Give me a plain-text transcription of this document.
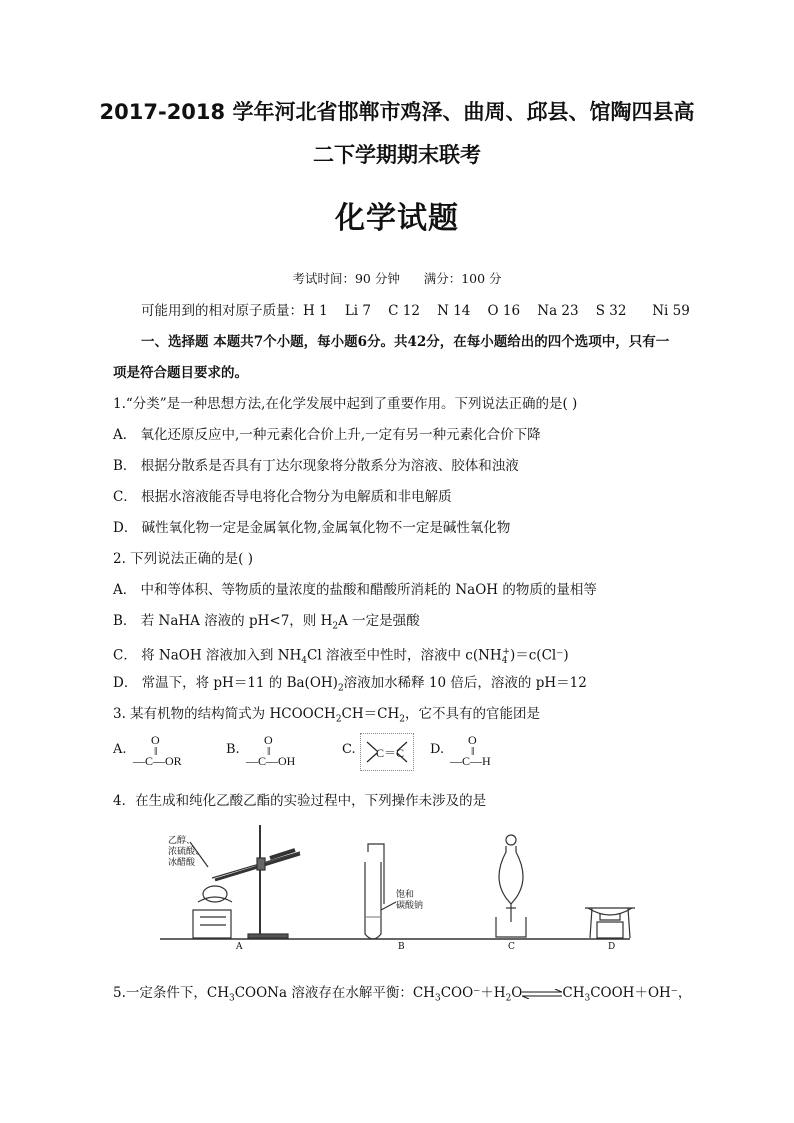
2017-2018 学年河北省邯郸市鸡泽、曲周、邱县、馆陶四县高
二下学期期末联考
化学试题
考试时间：90 分钟      满分：100 分
可能用到的相对原子质量：H 1    Li 7    C 12    N 14    O 16    Na 23    S 32      Ni 59
一、选择题 本题共7个小题，每小题6分。共42分，在每小题给出的四个选项中，只有一
项是符合题目要求的。
1.“分类”是一种思想方法,在化学发展中起到了重要作用。下列说法正确的是( )
A． 氧化还原反应中,一种元素化合价上升,一定有另一种元素化合价下降
B． 根据分散系是否具有丁达尔现象将分散系分为溶液、胶体和浊液
C． 根据水溶液能否导电将化合物分为电解质和非电解质
D． 碱性氧化物一定是金属氧化物,金属氧化物不一定是碱性氧化物
2. 下列说法正确的是( )
A． 中和等体积、等物质的量浓度的盐酸和醋酸所消耗的 NaOH 的物质的量相等
B． 若 NaHA 溶液的 pH<7，则 $H_2A$ 一定是强酸
C． 将 NaOH 溶液加入到 $NH_4Cl$ 溶液至中性时，溶液中 $c(NH_4^+)=c(Cl^-)$
D． 常温下，将 pH＝11 的 $Ba(OH)_2$溶液加水稀释 10 倍后，溶液的 pH＝12
3. 某有机物的结构简式为 $HCOOCH_2CH=CH_2$，它不具有的官能团是
A.
O
‖
—C—OR
B.
O
‖
—C—OH
C. C＝C D.
O
‖
—C—H
4．在生成和纯化乙酸乙酯的实验过程中，下列操作未涉及的是
乙醇、
浓硫酸、
冰醋酸
饱和
碳酸钠
A	B	C	D
5.一定条件下，$CH_3COONa$ 溶液存在水解平衡：$CH_3COO^-+H_2O\rightleftharpoons CH_3COOH+OH^-$，
